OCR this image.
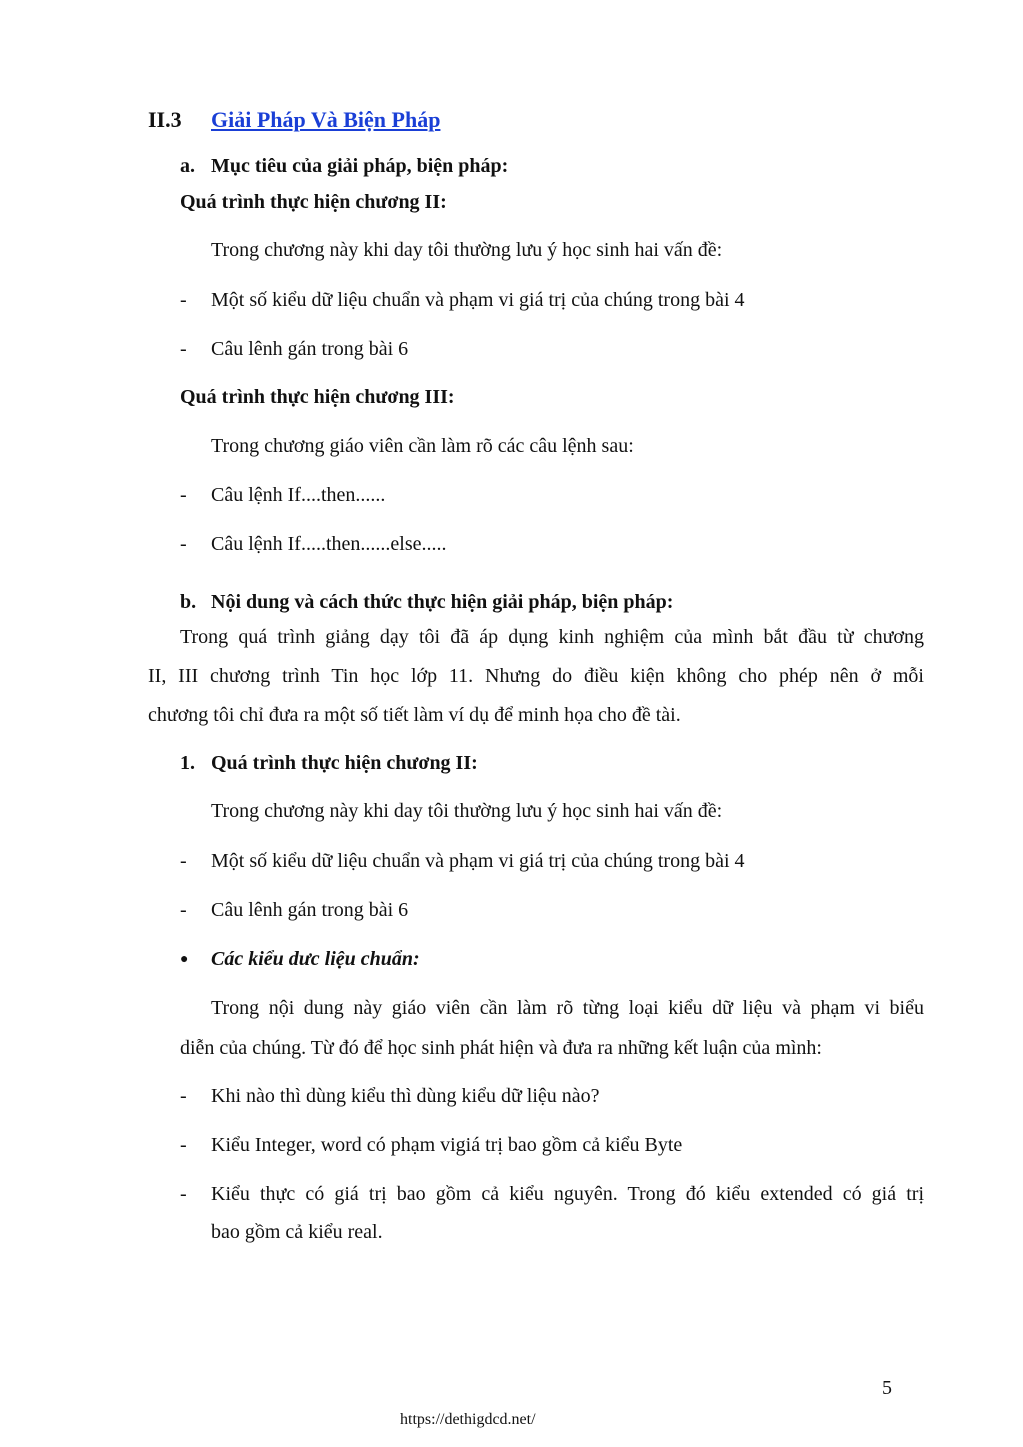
II.3 Giải Pháp Và Biện Pháp
a. Mục tiêu của giải pháp, biện pháp:
Quá trình thực hiện chương II:
Trong chương này khi day tôi thường lưu ý học sinh hai vấn đề:
- Một số kiểu dữ liệu chuẩn và phạm vi giá trị của chúng trong bài 4
- Câu lênh gán trong bài 6
Quá trình thực hiện chương III:
Trong chương giáo viên cần làm rõ các câu lệnh sau:
- Câu lệnh If....then......
- Câu lệnh If.....then......else.....
b. Nội dung và cách thức thực hiện giải pháp, biện pháp:
Trong quá trình giảng dạy tôi đã áp dụng kinh nghiệm của mình bắt đầu từ chương
II, III chương trình Tin học lớp 11. Nhưng do điều kiện không cho phép nên ở mỗi
chương tôi chỉ đưa ra một số tiết làm ví dụ để minh họa cho đề tài.
1. Quá trình thực hiện chương II:
Trong chương này khi day tôi thường lưu ý học sinh hai vấn đề:
- Một số kiểu dữ liệu chuẩn và phạm vi giá trị của chúng trong bài 4
- Câu lênh gán trong bài 6
● Các kiểu dưc liệu chuẩn:
Trong nội dung này giáo viên cần làm rõ từng loại kiểu dữ liệu và phạm vi biểu
diễn của chúng. Từ đó để học sinh phát hiện và đưa ra những kết luận của mình:
- Khi nào thì dùng kiểu thì dùng kiểu dữ liệu nào?
- Kiểu Integer, word có phạm vigiá trị bao gồm cả kiểu Byte
- Kiểu thực có giá trị bao gồm cả kiểu nguyên. Trong đó kiểu extended có giá trị
bao gồm cả kiểu real.
5
https://dethigdcd.net/
